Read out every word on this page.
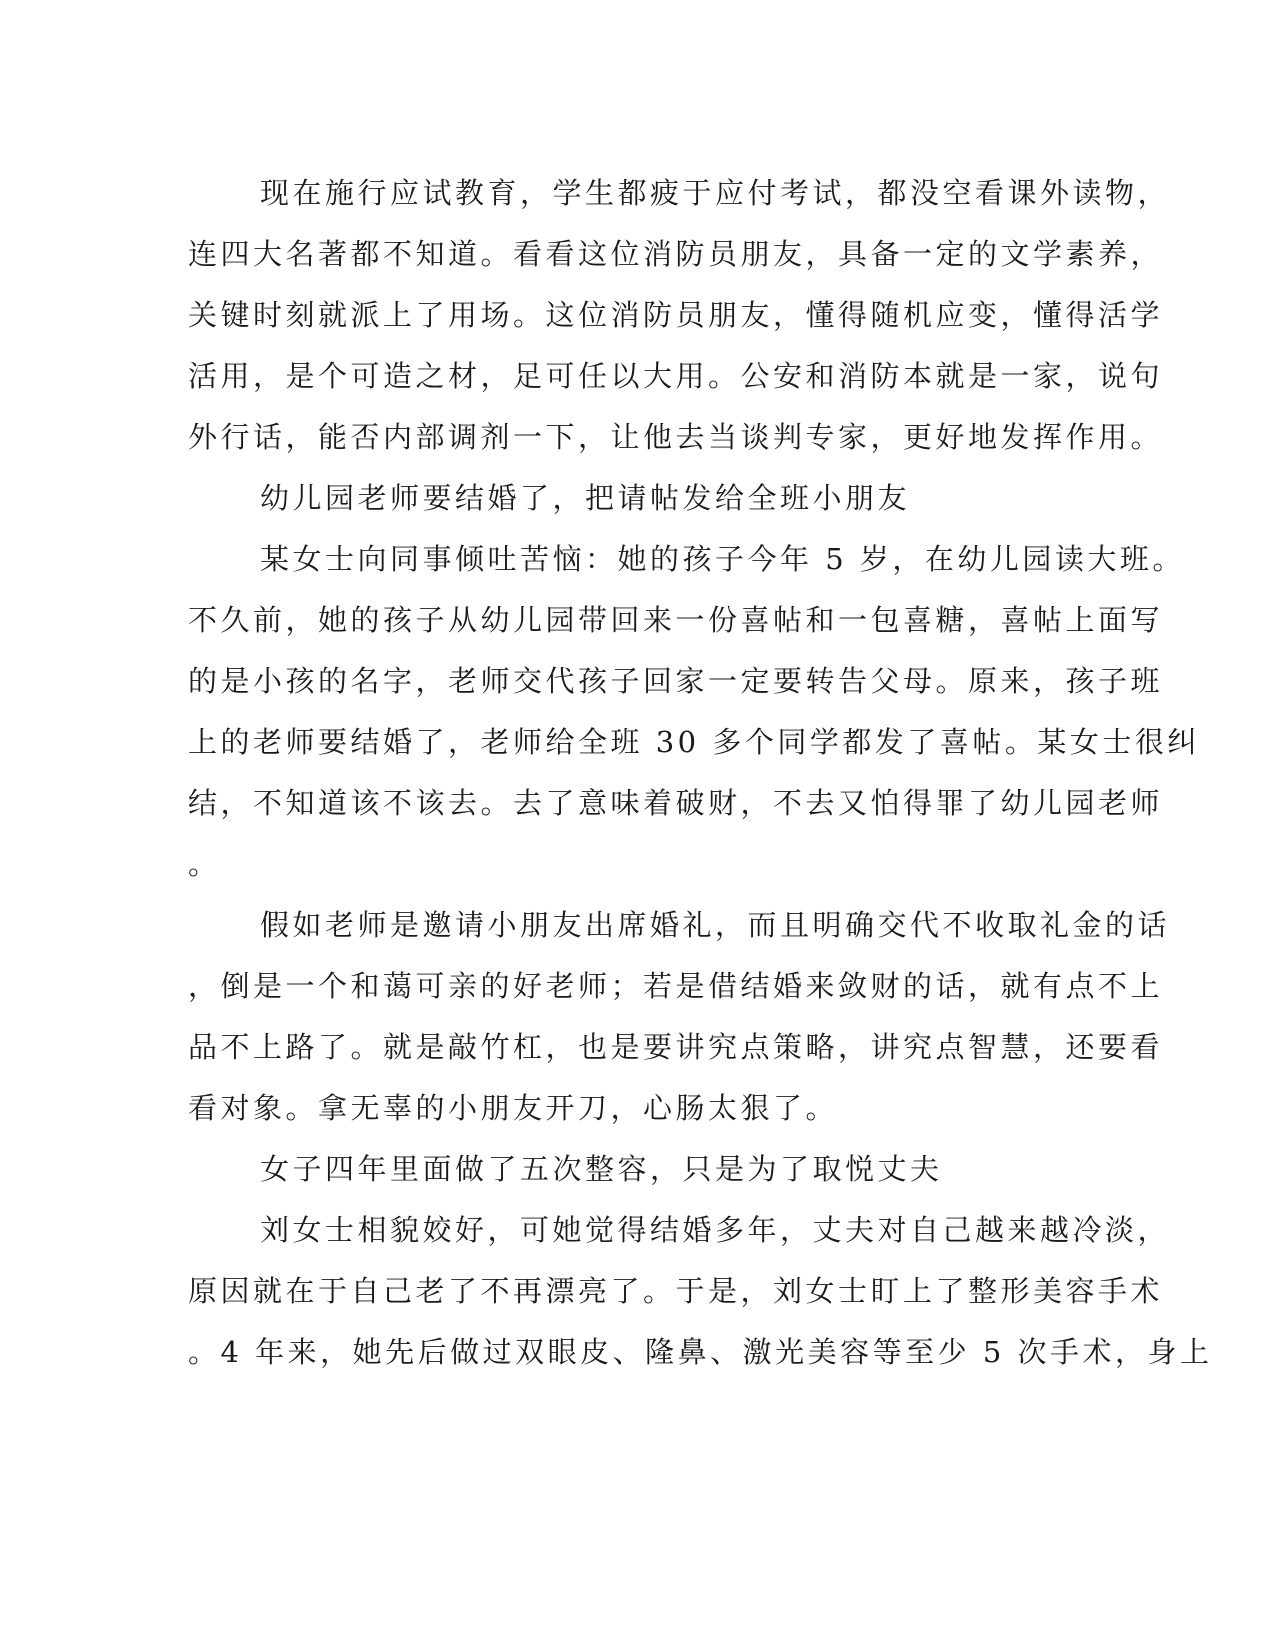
现在施行应试教育，学生都疲于应付考试，都没空看课外读物，
连四大名著都不知道。看看这位消防员朋友，具备一定的文学素养，
关键时刻就派上了用场。这位消防员朋友，懂得随机应变，懂得活学
活用，是个可造之材，足可任以大用。公安和消防本就是一家，说句
外行话，能否内部调剂一下，让他去当谈判专家，更好地发挥作用。
幼儿园老师要结婚了，把请帖发给全班小朋友
某女士向同事倾吐苦恼：她的孩子今年 5 岁，在幼儿园读大班。
不久前，她的孩子从幼儿园带回来一份喜帖和一包喜糖，喜帖上面写
的是小孩的名字，老师交代孩子回家一定要转告父母。原来，孩子班
上的老师要结婚了，老师给全班 30 多个同学都发了喜帖。某女士很纠
结，不知道该不该去。去了意味着破财，不去又怕得罪了幼儿园老师
。
假如老师是邀请小朋友出席婚礼，而且明确交代不收取礼金的话
，倒是一个和蔼可亲的好老师；若是借结婚来敛财的话，就有点不上
品不上路了。就是敲竹杠，也是要讲究点策略，讲究点智慧，还要看
看对象。拿无辜的小朋友开刀，心肠太狠了。
女子四年里面做了五次整容，只是为了取悦丈夫
刘女士相貌姣好，可她觉得结婚多年，丈夫对自己越来越冷淡，
原因就在于自己老了不再漂亮了。于是，刘女士盯上了整形美容手术
。4 年来，她先后做过双眼皮、隆鼻、激光美容等至少 5 次手术，身上
